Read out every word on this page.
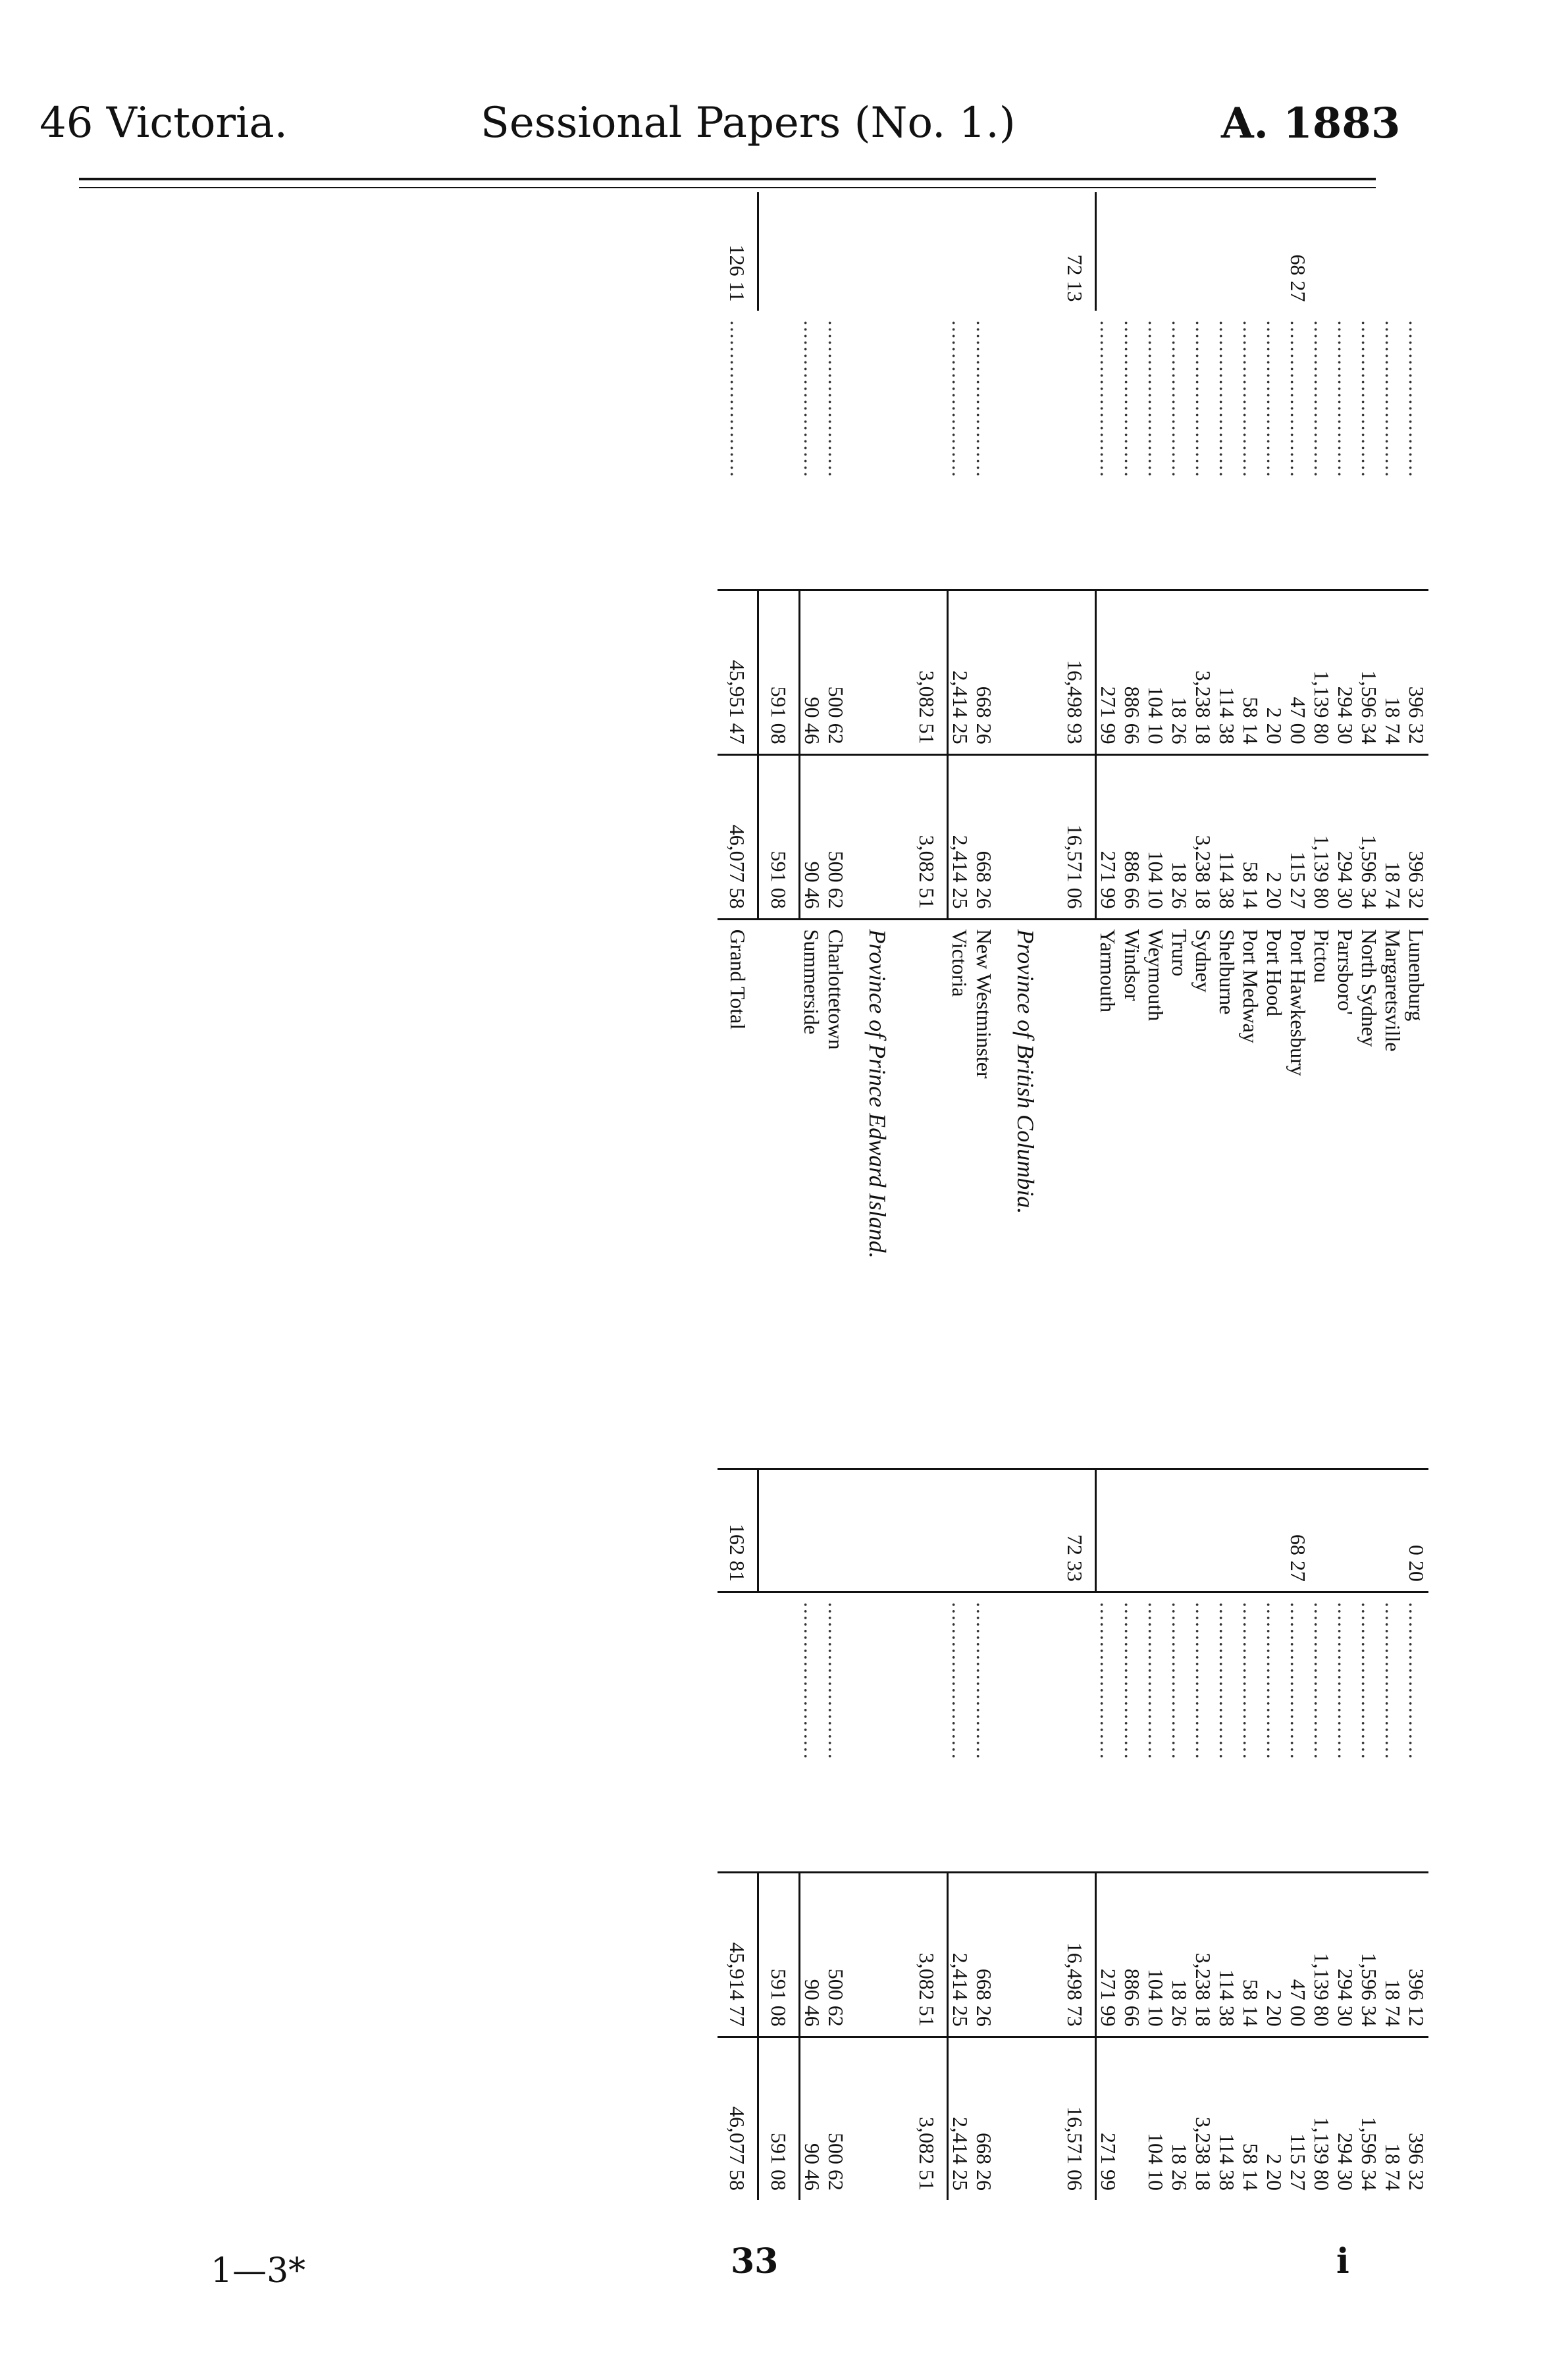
46 Victoria.	Sessional Papers (No. 1.)	A. 1883
	........................	396 32	396 32	Lunenburg	0 20	........................	396 12	396 32
	........................	18 74	18 74	Margaretsville		........................	18 74	18 74
	........................	1,596 34	1,596 34	North Sydney		........................	1,596 34	1,596 34
	........................	294 30	294 30	Parrsboro'		........................	294 30	294 30
	........................	1,139 80	1,139 80	Pictou		........................	1,139 80	1,139 80
68 27	........................	47 00	115 27	Port Hawkesbury	68 27	........................	47 00	115 27
	........................	2 20	2 20	Port Hood		........................	2 20	2 20
	........................	58 14	58 14	Port Medway		........................	58 14	58 14
	........................	114 38	114 38	Shelburne		........................	114 38	114 38
	........................	3,238 18	3,238 18	Sydney		........................	3,238 18	3,238 18
	........................	18 26	18 26	Truro		........................	18 26	18 26
	........................	104 10	104 10	Weymouth		........................	104 10	104 10
	........................	886 66	886 66	Windsor		........................	886 66	
	........................	271 99	271 99	Yarmouth		........................	271 99	271 99
72 13		16,498 93	16,571 06		72 33		16,498 73	16,571 06
				Province of British Columbia.				
	........................	668 26	668 26	New Westminster		........................	668 26	668 26
	........................	2,414 25	2,414 25	Victoria		........................	2,414 25	2,414 25
		3,082 51	3,082 51				3,082 51	3,082 51
				Province of Prince Edward Island.				
	........................	500 62	500 62	Charlottetown		........................	500 62	500 62
	........................	90 46	90 46	Summerside		........................	90 46	90 46
		591 08	591 08				591 08	591 08
126 11	........................	45,951 47	46,077 58	Grand Total	162 81		45,914 77	46,077 58
1—3*	33	i
